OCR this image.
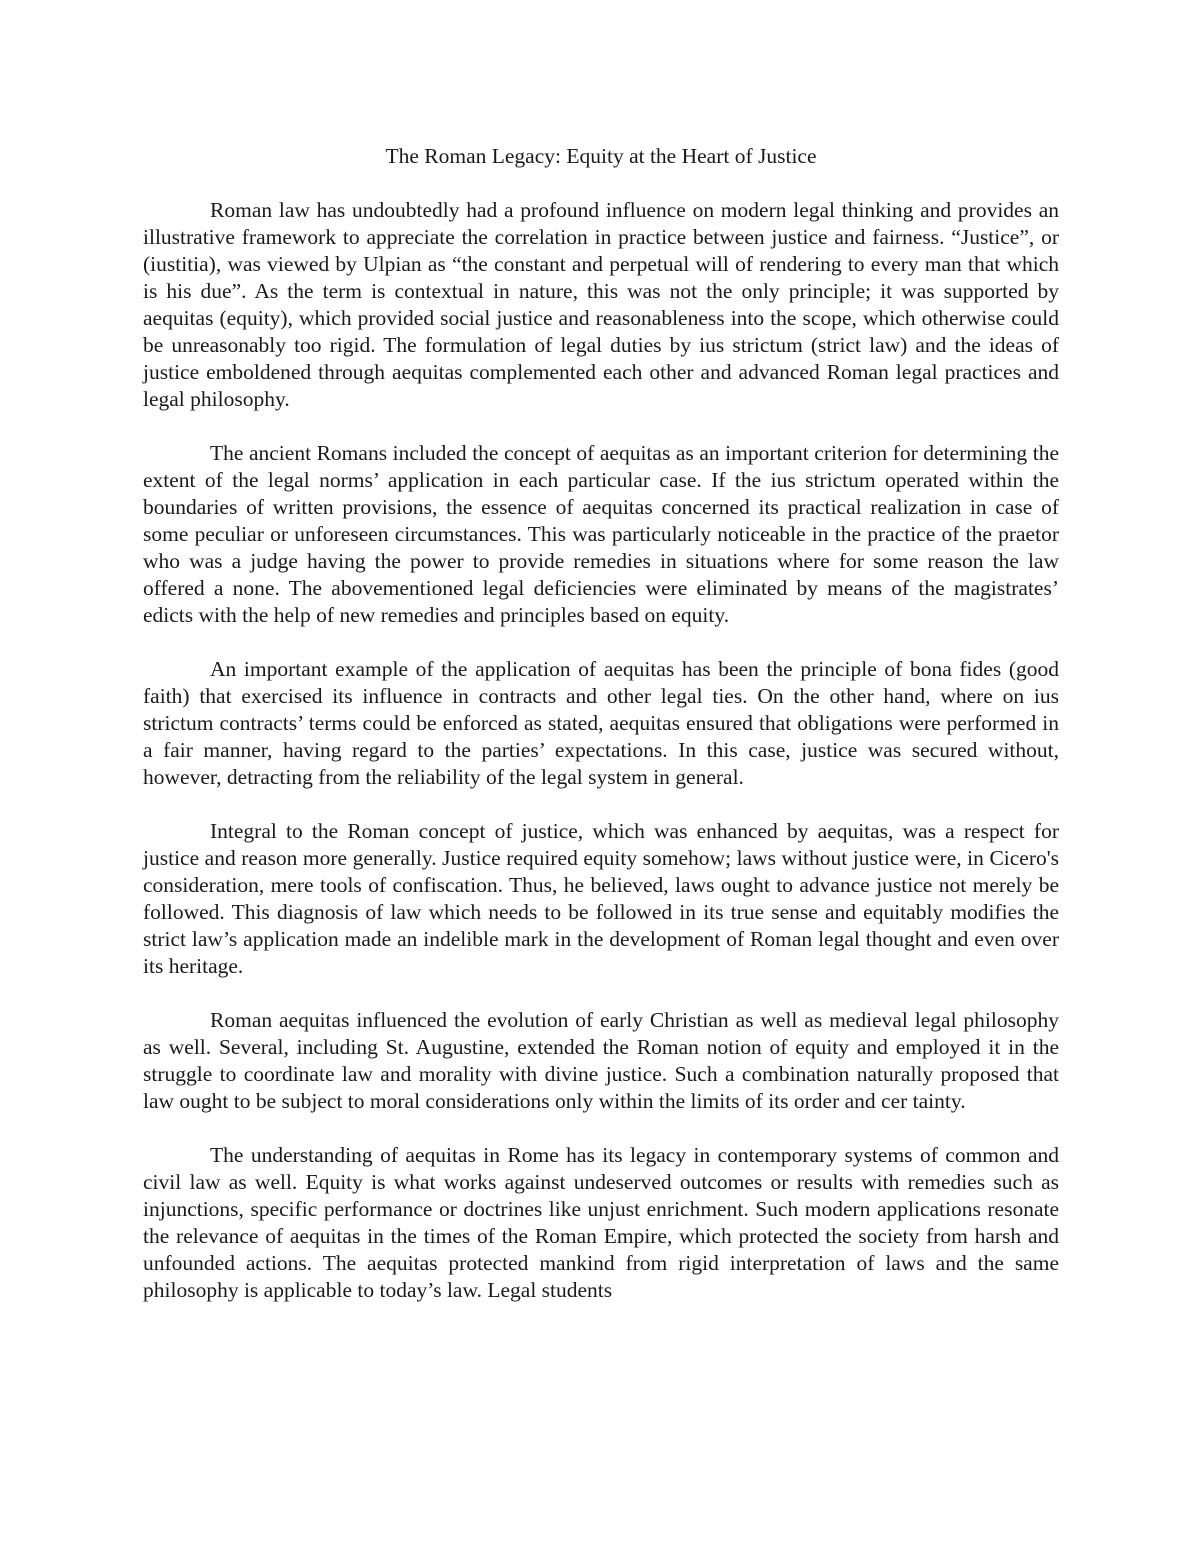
The Roman Legacy: Equity at the Heart of Justice

Roman law has undoubtedly had a profound influence on modern legal thinking and provides an illustrative framework to appreciate the correlation in practice between justice and fairness. “Justice”, or (iustitia), was viewed by Ulpian as “the constant and perpetual will of rendering to every man that which is his due”. As the term is contextual in nature, this was not the only principle; it was supported by aequitas (equity), which provided social justice and reasonableness into the scope, which otherwise could be unreasonably too rigid. The formulation of legal duties by ius strictum (strict law) and the ideas of justice emboldened through aequitas complemented each other and advanced Roman legal practices and legal philosophy.

The ancient Romans included the concept of aequitas as an important criterion for determining the extent of the legal norms’ application in each particular case. If the ius strictum operated within the boundaries of written provisions, the essence of aequitas concerned its practical realization in case of some peculiar or unforeseen circumstances. This was particularly noticeable in the practice of the praetor who was a judge having the power to provide remedies in situations where for some reason the law offered a none. The abovementioned legal deficiencies were eliminated by means of the magistrates’ edicts with the help of new remedies and principles based on equity.

An important example of the application of aequitas has been the principle of bona fides (good faith) that exercised its influence in contracts and other legal ties. On the other hand, where on ius strictum contracts’ terms could be enforced as stated, aequitas ensured that obligations were performed in a fair manner, having regard to the parties’ expectations. In this case, justice was secured without, however, detracting from the reliability of the legal system in general.

Integral to the Roman concept of justice, which was enhanced by aequitas, was a respect for justice and reason more generally. Justice required equity somehow; laws without justice were, in Cicero's consideration, mere tools of confiscation. Thus, he believed, laws ought to advance justice not merely be followed. This diagnosis of law which needs to be followed in its true sense and equitably modifies the strict law’s application made an indelible mark in the development of Roman legal thought and even over its heritage.

Roman aequitas influenced the evolution of early Christian as well as medieval legal philosophy as well. Several, including St. Augustine, extended the Roman notion of equity and employed it in the struggle to coordinate law and morality with divine justice. Such a combination naturally proposed that law ought to be subject to moral considerations only within the limits of its order and cer tainty.

The understanding of aequitas in Rome has its legacy in contemporary systems of common and civil law as well. Equity is what works against undeserved outcomes or results with remedies such as injunctions, specific performance or doctrines like unjust enrichment. Such modern applications resonate the relevance of aequitas in the times of the Roman Empire, which protected the society from harsh and unfounded actions. The aequitas protected mankind from rigid interpretation of laws and the same philosophy is applicable to today’s law. Legal students
